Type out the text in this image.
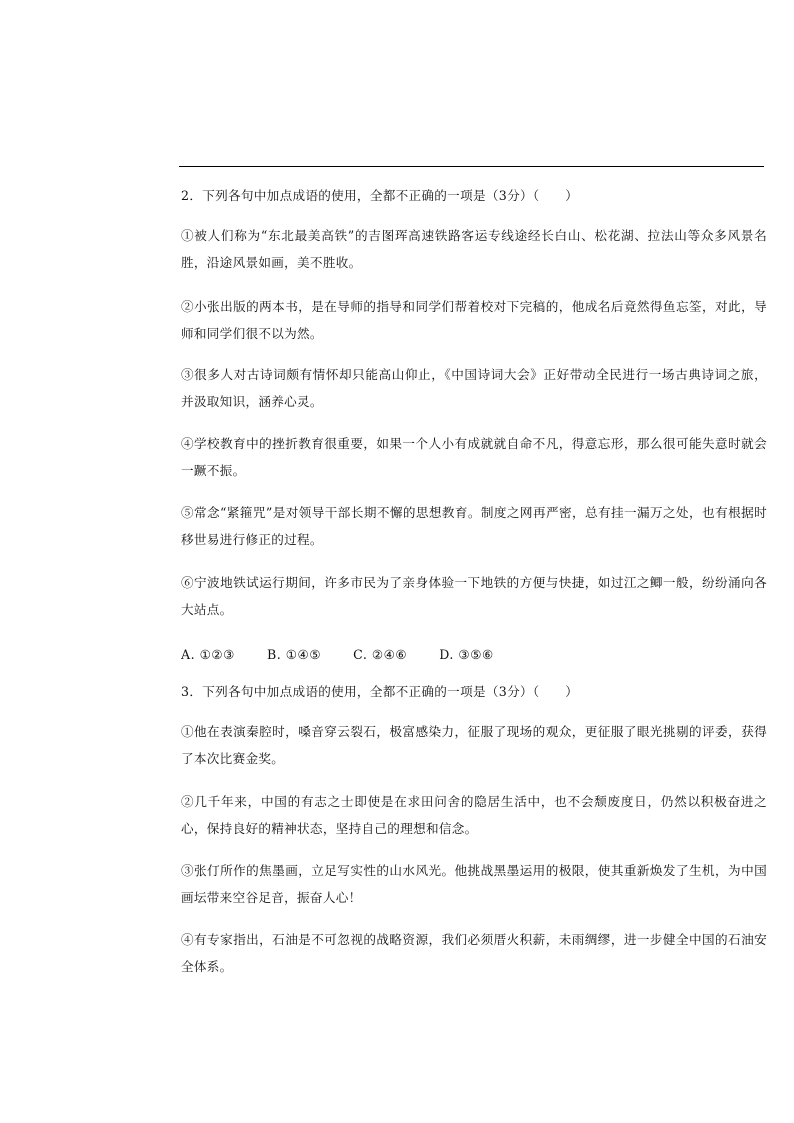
2．下列各句中加点成语的使用，全都不正确的一项是（3分）（　　）

①被人们称为“东北最美高铁”的吉图珲高速铁路客运专线途经长白山、松花湖、拉法山等众多风景名胜，沿途风景如画，美不胜收。

②小张出版的两本书，是在导师的指导和同学们帮着校对下完稿的，他成名后竟然得鱼忘筌，对此，导师和同学们很不以为然。

③很多人对古诗词颇有情怀却只能高山仰止，《中国诗词大会》正好带动全民进行一场古典诗词之旅，并汲取知识，涵养心灵。

④学校教育中的挫折教育很重要，如果一个人小有成就就自命不凡，得意忘形，那么很可能失意时就会一蹶不振。

⑤常念“紧箍咒”是对领导干部长期不懈的思想教育。制度之网再严密，总有挂一漏万之处，也有根据时移世易进行修正的过程。

⑥宁波地铁试运行期间，许多市民为了亲身体验一下地铁的方便与快捷，如过江之鲫一般，纷纷涌向各大站点。

A. ①②③	B. ①④⑤	C. ②④⑥	D. ③⑤⑥

3．下列各句中加点成语的使用，全都不正确的一项是（3分）（　　）

①他在表演秦腔时，嗓音穿云裂石，极富感染力，征服了现场的观众，更征服了眼光挑剔的评委，获得了本次比赛金奖。

②几千年来，中国的有志之士即使是在求田问舍的隐居生活中，也不会颓废度日，仍然以积极奋进之心，保持良好的精神状态，坚持自己的理想和信念。

③张仃所作的焦墨画，立足写实性的山水风光。他挑战黑墨运用的极限，使其重新焕发了生机，为中国画坛带来空谷足音，振奋人心！

④有专家指出，石油是不可忽视的战略资源，我们必须厝火积薪，未雨绸缪，进一步健全中国的石油安全体系。
